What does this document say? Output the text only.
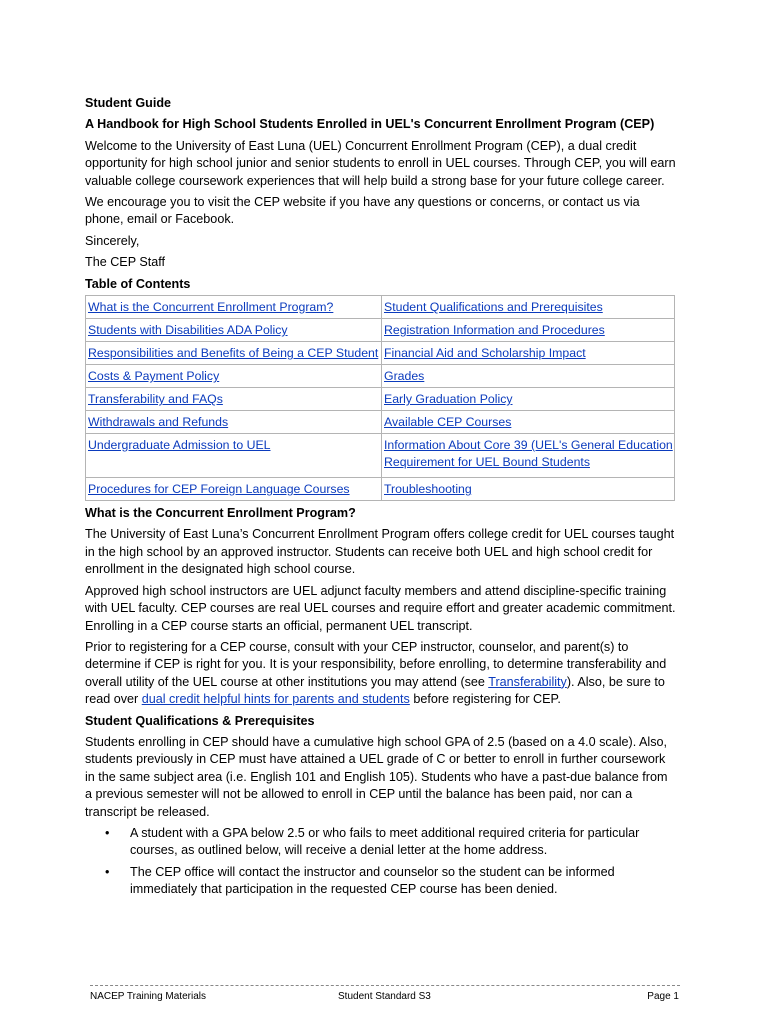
Student Guide

A Handbook for High School Students Enrolled in UEL's Concurrent Enrollment Program (CEP)

Welcome to the University of East Luna (UEL) Concurrent Enrollment Program (CEP), a dual credit opportunity for high school junior and senior students to enroll in UEL courses. Through CEP, you will earn valuable college coursework experiences that will help build a strong base for your future college career.

We encourage you to visit the CEP website if you have any questions or concerns, or contact us via phone, email or Facebook.

Sincerely,

The CEP Staff

Table of Contents

What is the Concurrent Enrollment Program?	Student Qualifications and Prerequisites
Students with Disabilities ADA Policy	Registration Information and Procedures
Responsibilities and Benefits of Being a CEP Student	Financial Aid and Scholarship Impact
Costs & Payment Policy	Grades
Transferability and FAQs	Early Graduation Policy
Withdrawals and Refunds	Available CEP Courses
Undergraduate Admission to UEL	Information About Core 39 (UEL's General Education Requirement for UEL Bound Students
Procedures for CEP Foreign Language Courses	Troubleshooting

What is the Concurrent Enrollment Program?

The University of East Luna’s Concurrent Enrollment Program offers college credit for UEL courses taught in the high school by an approved instructor. Students can receive both UEL and high school credit for enrollment in the designated high school course.

Approved high school instructors are UEL adjunct faculty members and attend discipline-specific training with UEL faculty. CEP courses are real UEL courses and require effort and greater academic commitment. Enrolling in a CEP course starts an official, permanent UEL transcript.

Prior to registering for a CEP course, consult with your CEP instructor, counselor, and parent(s) to determine if CEP is right for you. It is your responsibility, before enrolling, to determine transferability and overall utility of the UEL course at other institutions you may attend (see Transferability). Also, be sure to read over dual credit helpful hints for parents and students before registering for CEP.

Student Qualifications & Prerequisites

Students enrolling in CEP should have a cumulative high school GPA of 2.5 (based on a 4.0 scale). Also, students previously in CEP must have attained a UEL grade of C or better to enroll in further coursework in the same subject area (i.e. English 101 and English 105). Students who have a past-due balance from a previous semester will not be allowed to enroll in CEP until the balance has been paid, nor can a transcript be released.

• A student with a GPA below 2.5 or who fails to meet additional required criteria for particular courses, as outlined below, will receive a denial letter at the home address.
• The CEP office will contact the instructor and counselor so the student can be informed immediately that participation in the requested CEP course has been denied.
NACEP Training Materials	Student Standard S3	Page 1
